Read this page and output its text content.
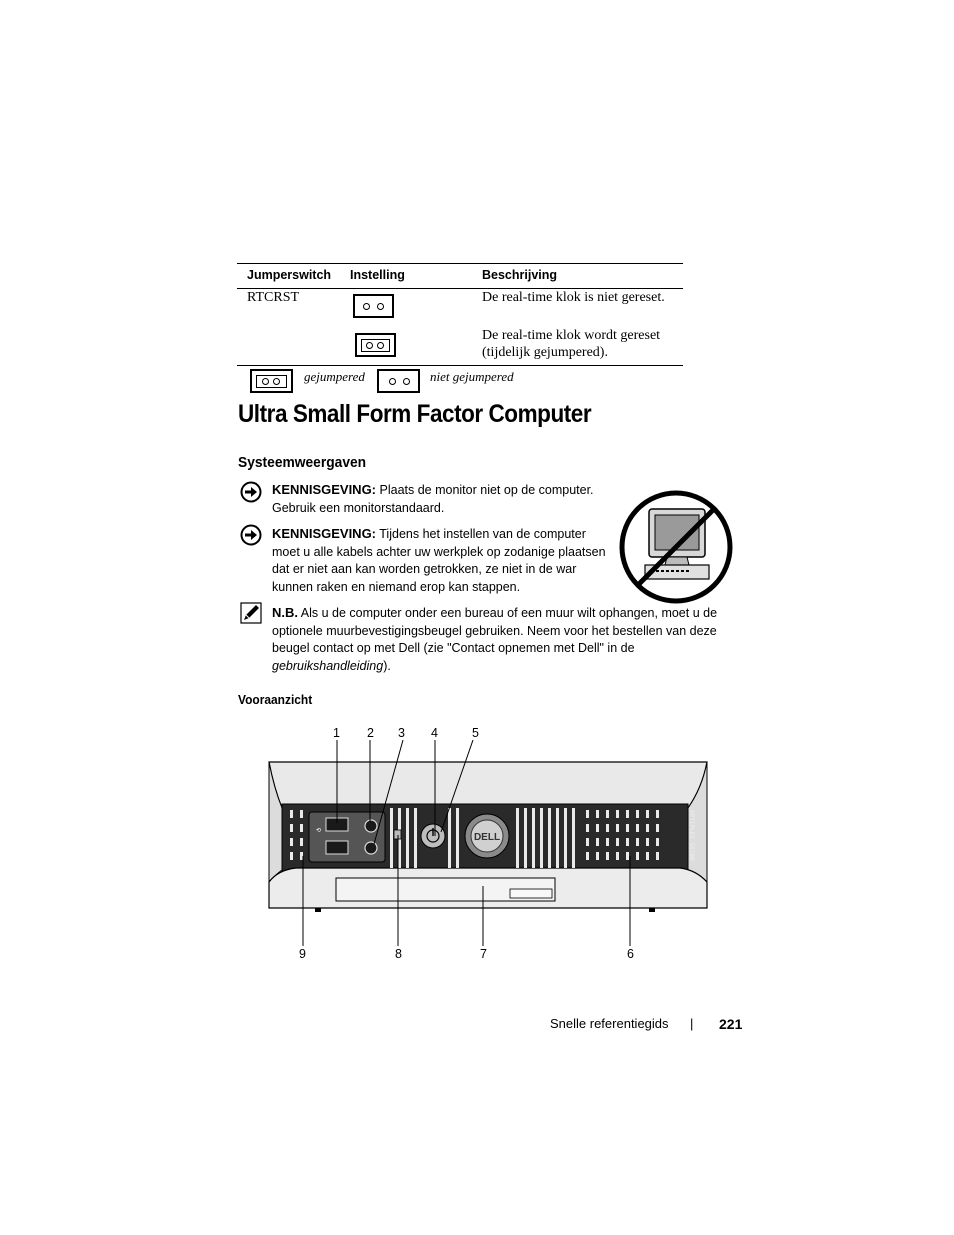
Jumperswitch Instelling	Beschrijving
RTCRST	De real-time klok is niet gereset.
De real-time klok wordt gereset (tijdelijk gejumpered).
gejumpered	niet gejumpered
Ultra Small Form Factor Computer
Systeemweergaven
KENNISGEVING: Plaats de monitor niet op de computer. Gebruik een monitorstandaard.
KENNISGEVING: Tijdens het instellen van de computer moet u alle kabels achter uw werkplek op zodanige plaatsen dat er niet aan kan worden getrokken, ze niet in de war kunnen raken en niemand erop kan stappen.
N.B. Als u de computer onder een bureau of een muur wilt ophangen, moet u de optionele muurbevestigingsbeugel gebruiken. Neem voor het bestellen van deze beugel contact op met Dell (zie "Contact opnemen met Dell" in de gebruikshandleiding).
Vooraanzicht
1 2 3 4	5
⟲
DELL	OPTIPLEX SX280
9	8	7	6
Snelle referentiegids | 221
